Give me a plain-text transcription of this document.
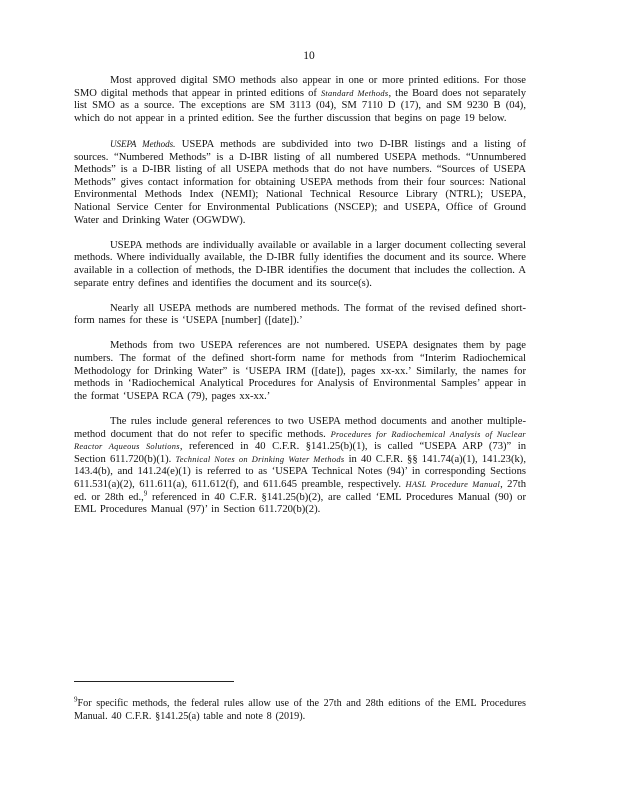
10

Most approved digital SMO methods also appear in one or more printed editions. For those SMO digital methods that appear in printed editions of Standard Methods, the Board does not separately list SMO as a source. The exceptions are SM 3113 (04), SM 7110 D (17), and SM 9230 B (04), which do not appear in a printed edition. See the further discussion that begins on page 19 below.

USEPA Methods. USEPA methods are subdivided into two D-IBR listings and a listing of sources. “Numbered Methods” is a D-IBR listing of all numbered USEPA methods. “Unnumbered Methods” is a D-IBR listing of all USEPA methods that do not have numbers. “Sources of USEPA Methods” gives contact information for obtaining USEPA methods from their four sources: National Environmental Methods Index (NEMI); National Technical Resource Library (NTRL); USEPA, National Service Center for Environmental Publications (NSCEP); and USEPA, Office of Ground Water and Drinking Water (OGWDW).

USEPA methods are individually available or available in a larger document collecting several methods. Where individually available, the D-IBR fully identifies the document and its source. Where available in a collection of methods, the D-IBR identifies the document that includes the collection. A separate entry defines and identifies the document and its source(s).

Nearly all USEPA methods are numbered methods. The format of the revised defined short-form names for these is ‘USEPA [number] ([date]).’

Methods from two USEPA references are not numbered. USEPA designates them by page numbers. The format of the defined short-form name for methods from “Interim Radiochemical Methodology for Drinking Water” is ‘USEPA IRM ([date]), pages xx-xx.’ Similarly, the names for methods in ‘Radiochemical Analytical Procedures for Analysis of Environmental Samples’ appear in the format ‘USEPA RCA (79), pages xx-xx.’

The rules include general references to two USEPA method documents and another multiple-method document that do not refer to specific methods. Procedures for Radiochemical Analysis of Nuclear Reactor Aqueous Solutions, referenced in 40 C.F.R. §141.25(b)(1), is called “USEPA ARP (73)” in Section 611.720(b)(1). Technical Notes on Drinking Water Methods in 40 C.F.R. §§ 141.74(a)(1), 141.23(k), 143.4(b), and 141.24(e)(1) is referred to as ‘USEPA Technical Notes (94)’ in corresponding Sections 611.531(a)(2), 611.611(a), 611.612(f), and 611.645 preamble, respectively. HASL Procedure Manual, 27th ed. or 28th ed.,$^9$ referenced in 40 C.F.R. §141.25(b)(2), are called ‘EML Procedures Manual (90) or EML Procedures Manual (97)’ in Section 611.720(b)(2).

$^9$For specific methods, the federal rules allow use of the 27th and 28th editions of the EML Procedures Manual. 40 C.F.R. §141.25(a) table and note 8 (2019).
